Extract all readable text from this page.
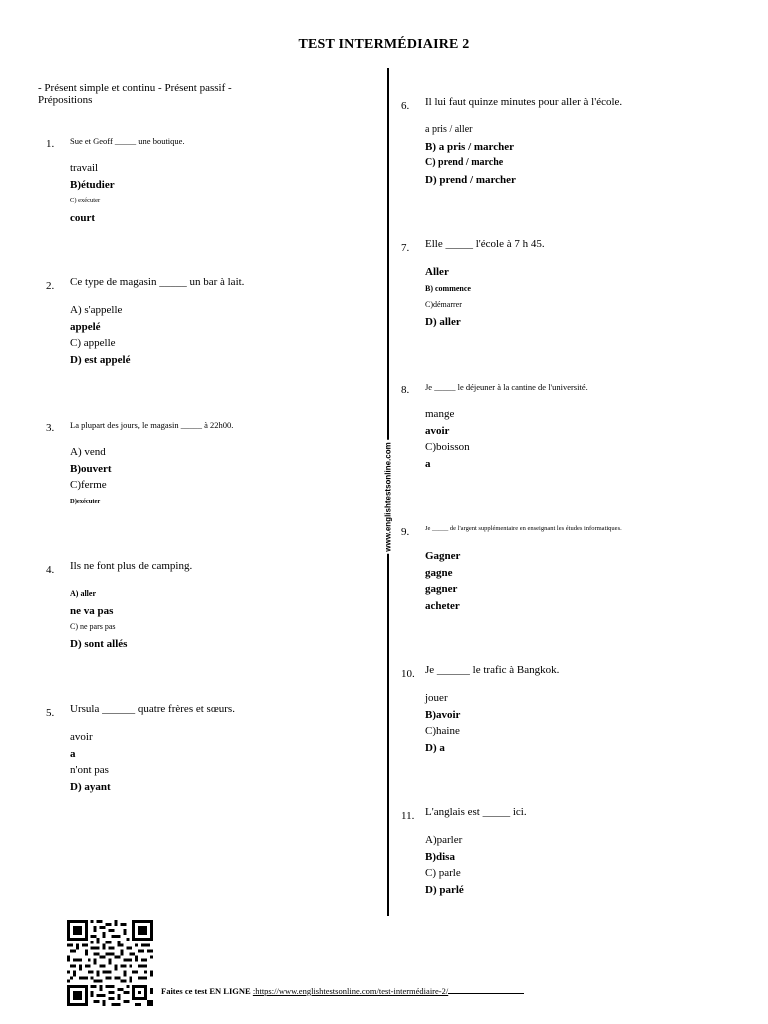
TEST INTERMÉDIAIRE 2
- Présent simple et continu - Présent passif - Prépositions
www.englishtestsonline.com
1. Sue et Geoff _____ une boutique.
travail
B)étudier
C) exécuter
court
2. Ce type de magasin _____ un bar à lait.
A) s'appelle
appelé
C) appelle
D) est appelé
3. La plupart des jours, le magasin _____ à 22h00.
A) vend
B)ouvert
C)ferme
D)exécuter
4. Ils ne font plus de camping.
A) aller
ne va pas
C) ne pars pas
D) sont allés
5. Ursula ______ quatre frères et sœurs.
avoir
a
n'ont pas
D) ayant
6. Il lui faut quinze minutes pour aller à l'école.
a pris / aller
B) a pris / marcher
C) prend / marche
D) prend / marcher
7. Elle _____ l'école à 7 h 45.
Aller
B) commence
C)démarrer
D) aller
8. Je _____ le déjeuner à la cantine de l'université.
mange
avoir
C)boisson
a
9. Je _____ de l'argent supplémentaire en enseignant les études informatiques.
Gagner
gagne
gagner
acheter
10. Je ______ le trafic à Bangkok.
jouer
B)avoir
C)haine
D) a
11. L'anglais est _____ ici.
A)parler
B)disa
C) parle
D) parlé
Faites ce test EN LIGNE :https://www.englishtestsonline.com/test-intermédiaire-2/
